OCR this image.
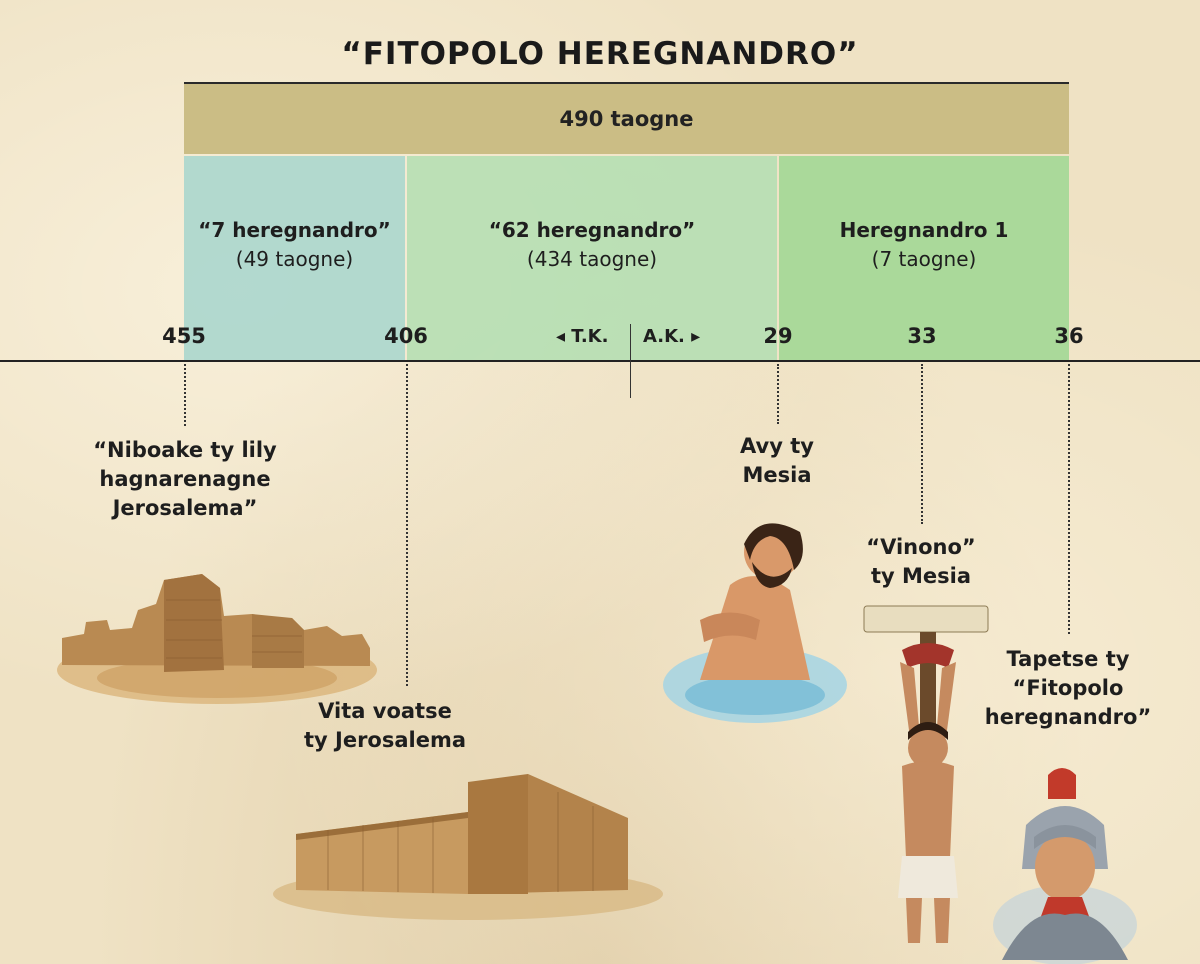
“FITOPOLO HEREGNANDRO”
490 taogne
“7 heregnandro”
(49 taogne)
“62 heregnandro”
(434 taogne)
Heregnandro 1
(7 taogne)
455	406	29	33	36
◂ T.K. A.K. ▸
“Niboake ty lily
hagnarenagne
Jerosalema”
Vita voatse
ty Jerosalema
Avy ty
Mesia
“Vinono”
ty Mesia
Tapetse ty
“Fitopolo
heregnandro”
